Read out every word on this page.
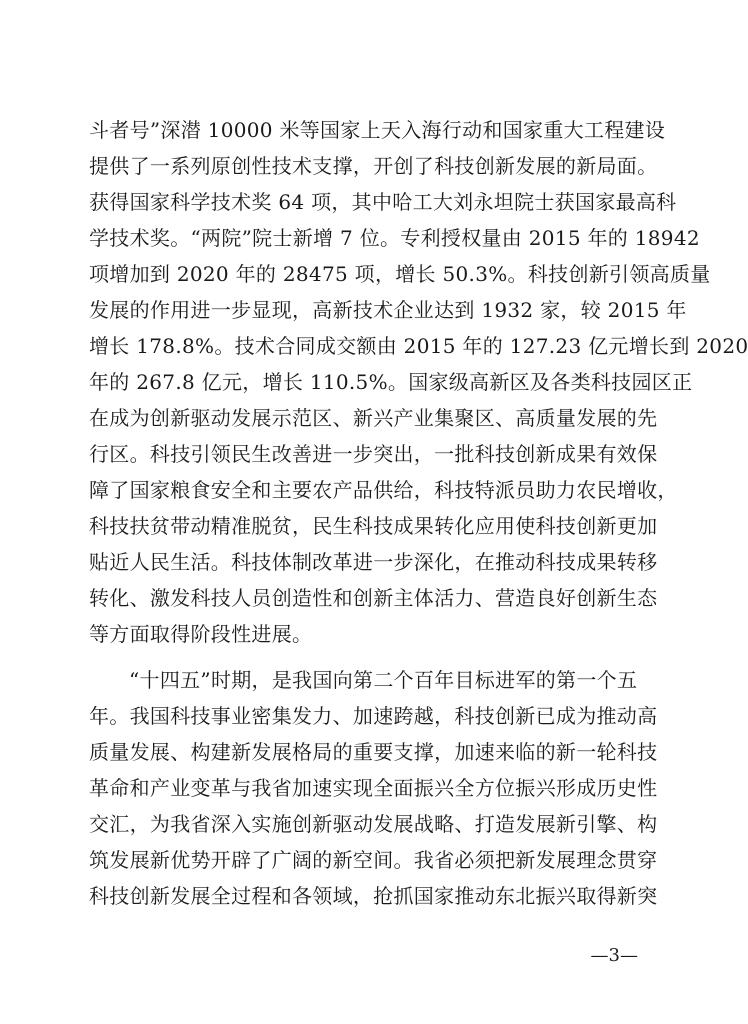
斗者号”深潜 10000 米等国家上天入海行动和国家重大工程建设
提供了一系列原创性技术支撑，开创了科技创新发展的新局面。
获得国家科学技术奖 64 项，其中哈工大刘永坦院士获国家最高科
学技术奖。“两院”院士新增 7 位。专利授权量由 2015 年的 18942
项增加到 2020 年的 28475 项，增长 50.3%。科技创新引领高质量
发展的作用进一步显现，高新技术企业达到 1932 家，较 2015 年
增长 178.8%。技术合同成交额由 2015 年的 127.23 亿元增长到 2020
年的 267.8 亿元，增长 110.5%。国家级高新区及各类科技园区正
在成为创新驱动发展示范区、新兴产业集聚区、高质量发展的先
行区。科技引领民生改善进一步突出，一批科技创新成果有效保
障了国家粮食安全和主要农产品供给，科技特派员助力农民增收，
科技扶贫带动精准脱贫，民生科技成果转化应用使科技创新更加
贴近人民生活。科技体制改革进一步深化，在推动科技成果转移
转化、激发科技人员创造性和创新主体活力、营造良好创新生态
等方面取得阶段性进展。
“十四五”时期，是我国向第二个百年目标进军的第一个五
年。我国科技事业密集发力、加速跨越，科技创新已成为推动高
质量发展、构建新发展格局的重要支撑，加速来临的新一轮科技
革命和产业变革与我省加速实现全面振兴全方位振兴形成历史性
交汇，为我省深入实施创新驱动发展战略、打造发展新引擎、构
筑发展新优势开辟了广阔的新空间。我省必须把新发展理念贯穿
科技创新发展全过程和各领域，抢抓国家推动东北振兴取得新突
—3—
